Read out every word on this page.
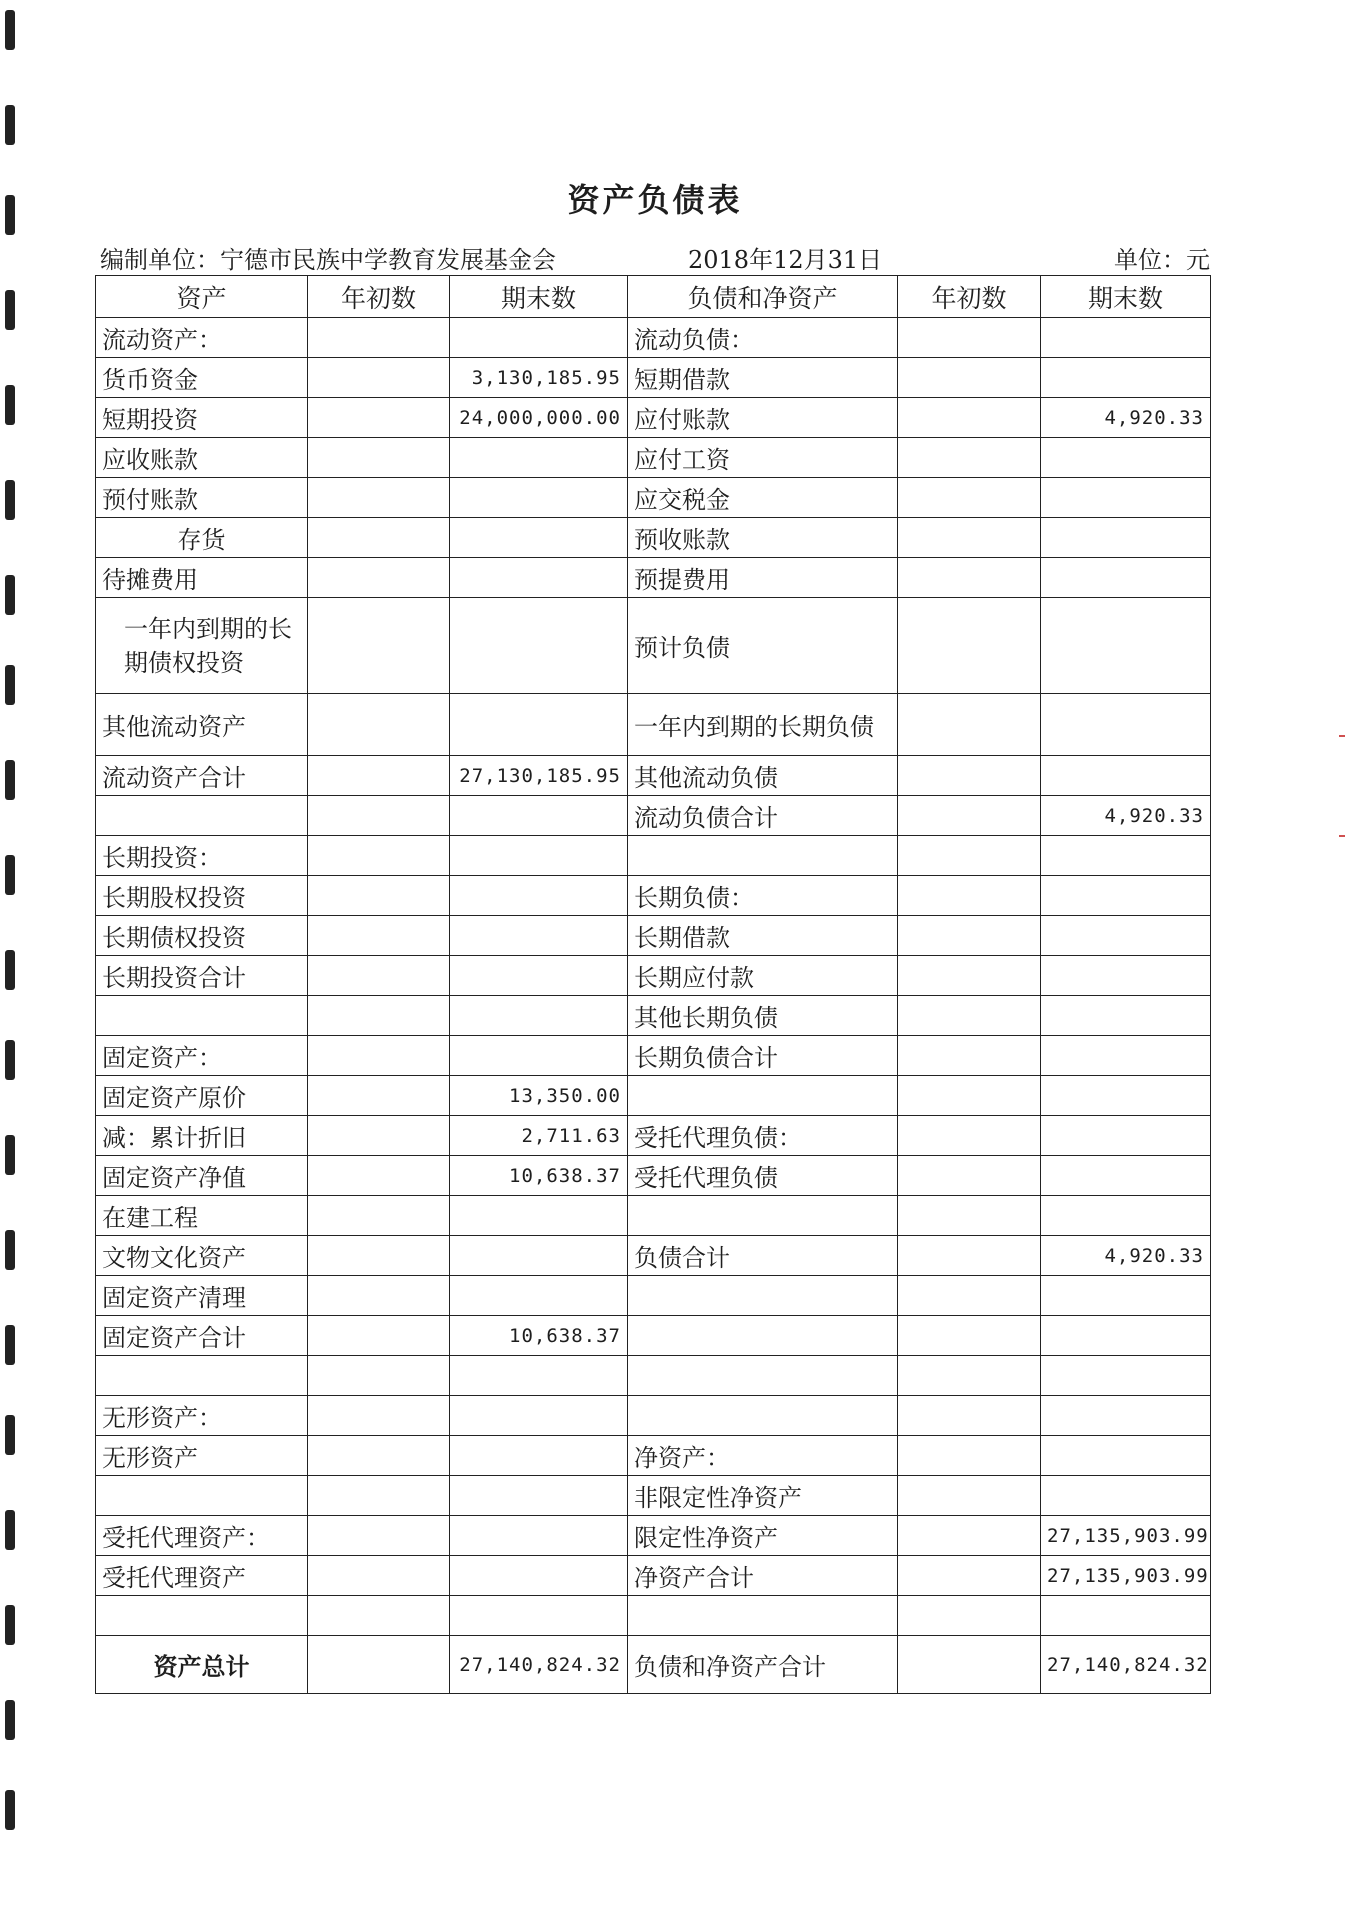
资产负债表
编制单位：宁德市民族中学教育发展基金会	2018年12月31日	单位：元
资产	年初数	期末数	负债和净资产	年初数	期末数
流动资产：			流动负债：		
货币资金		3,130,185.95	短期借款		
短期投资		24,000,000.00	应付账款		4,920.33
应收账款			应付工资		
预付账款			应交税金		
存货			预收账款		
待摊费用			预提费用		
一年内到期的长期债权投资			预计负债		
其他流动资产			一年内到期的长期负债		
流动资产合计		27,130,185.95	其他流动负债		
			流动负债合计		4,920.33
长期投资：					
长期股权投资			长期负债：		
长期债权投资			长期借款		
长期投资合计			长期应付款		
			其他长期负债		
固定资产：			长期负债合计		
固定资产原价		13,350.00			
减：累计折旧		2,711.63	受托代理负债：		
固定资产净值		10,638.37	受托代理负债		
在建工程					
文物文化资产			负债合计		4,920.33
固定资产清理					
固定资产合计		10,638.37			

无形资产：					
无形资产			净资产：		
			非限定性净资产		
受托代理资产：			限定性净资产		27,135,903.99
受托代理资产			净资产合计		27,135,903.99

资产总计		27,140,824.32	负债和净资产合计		27,140,824.32
